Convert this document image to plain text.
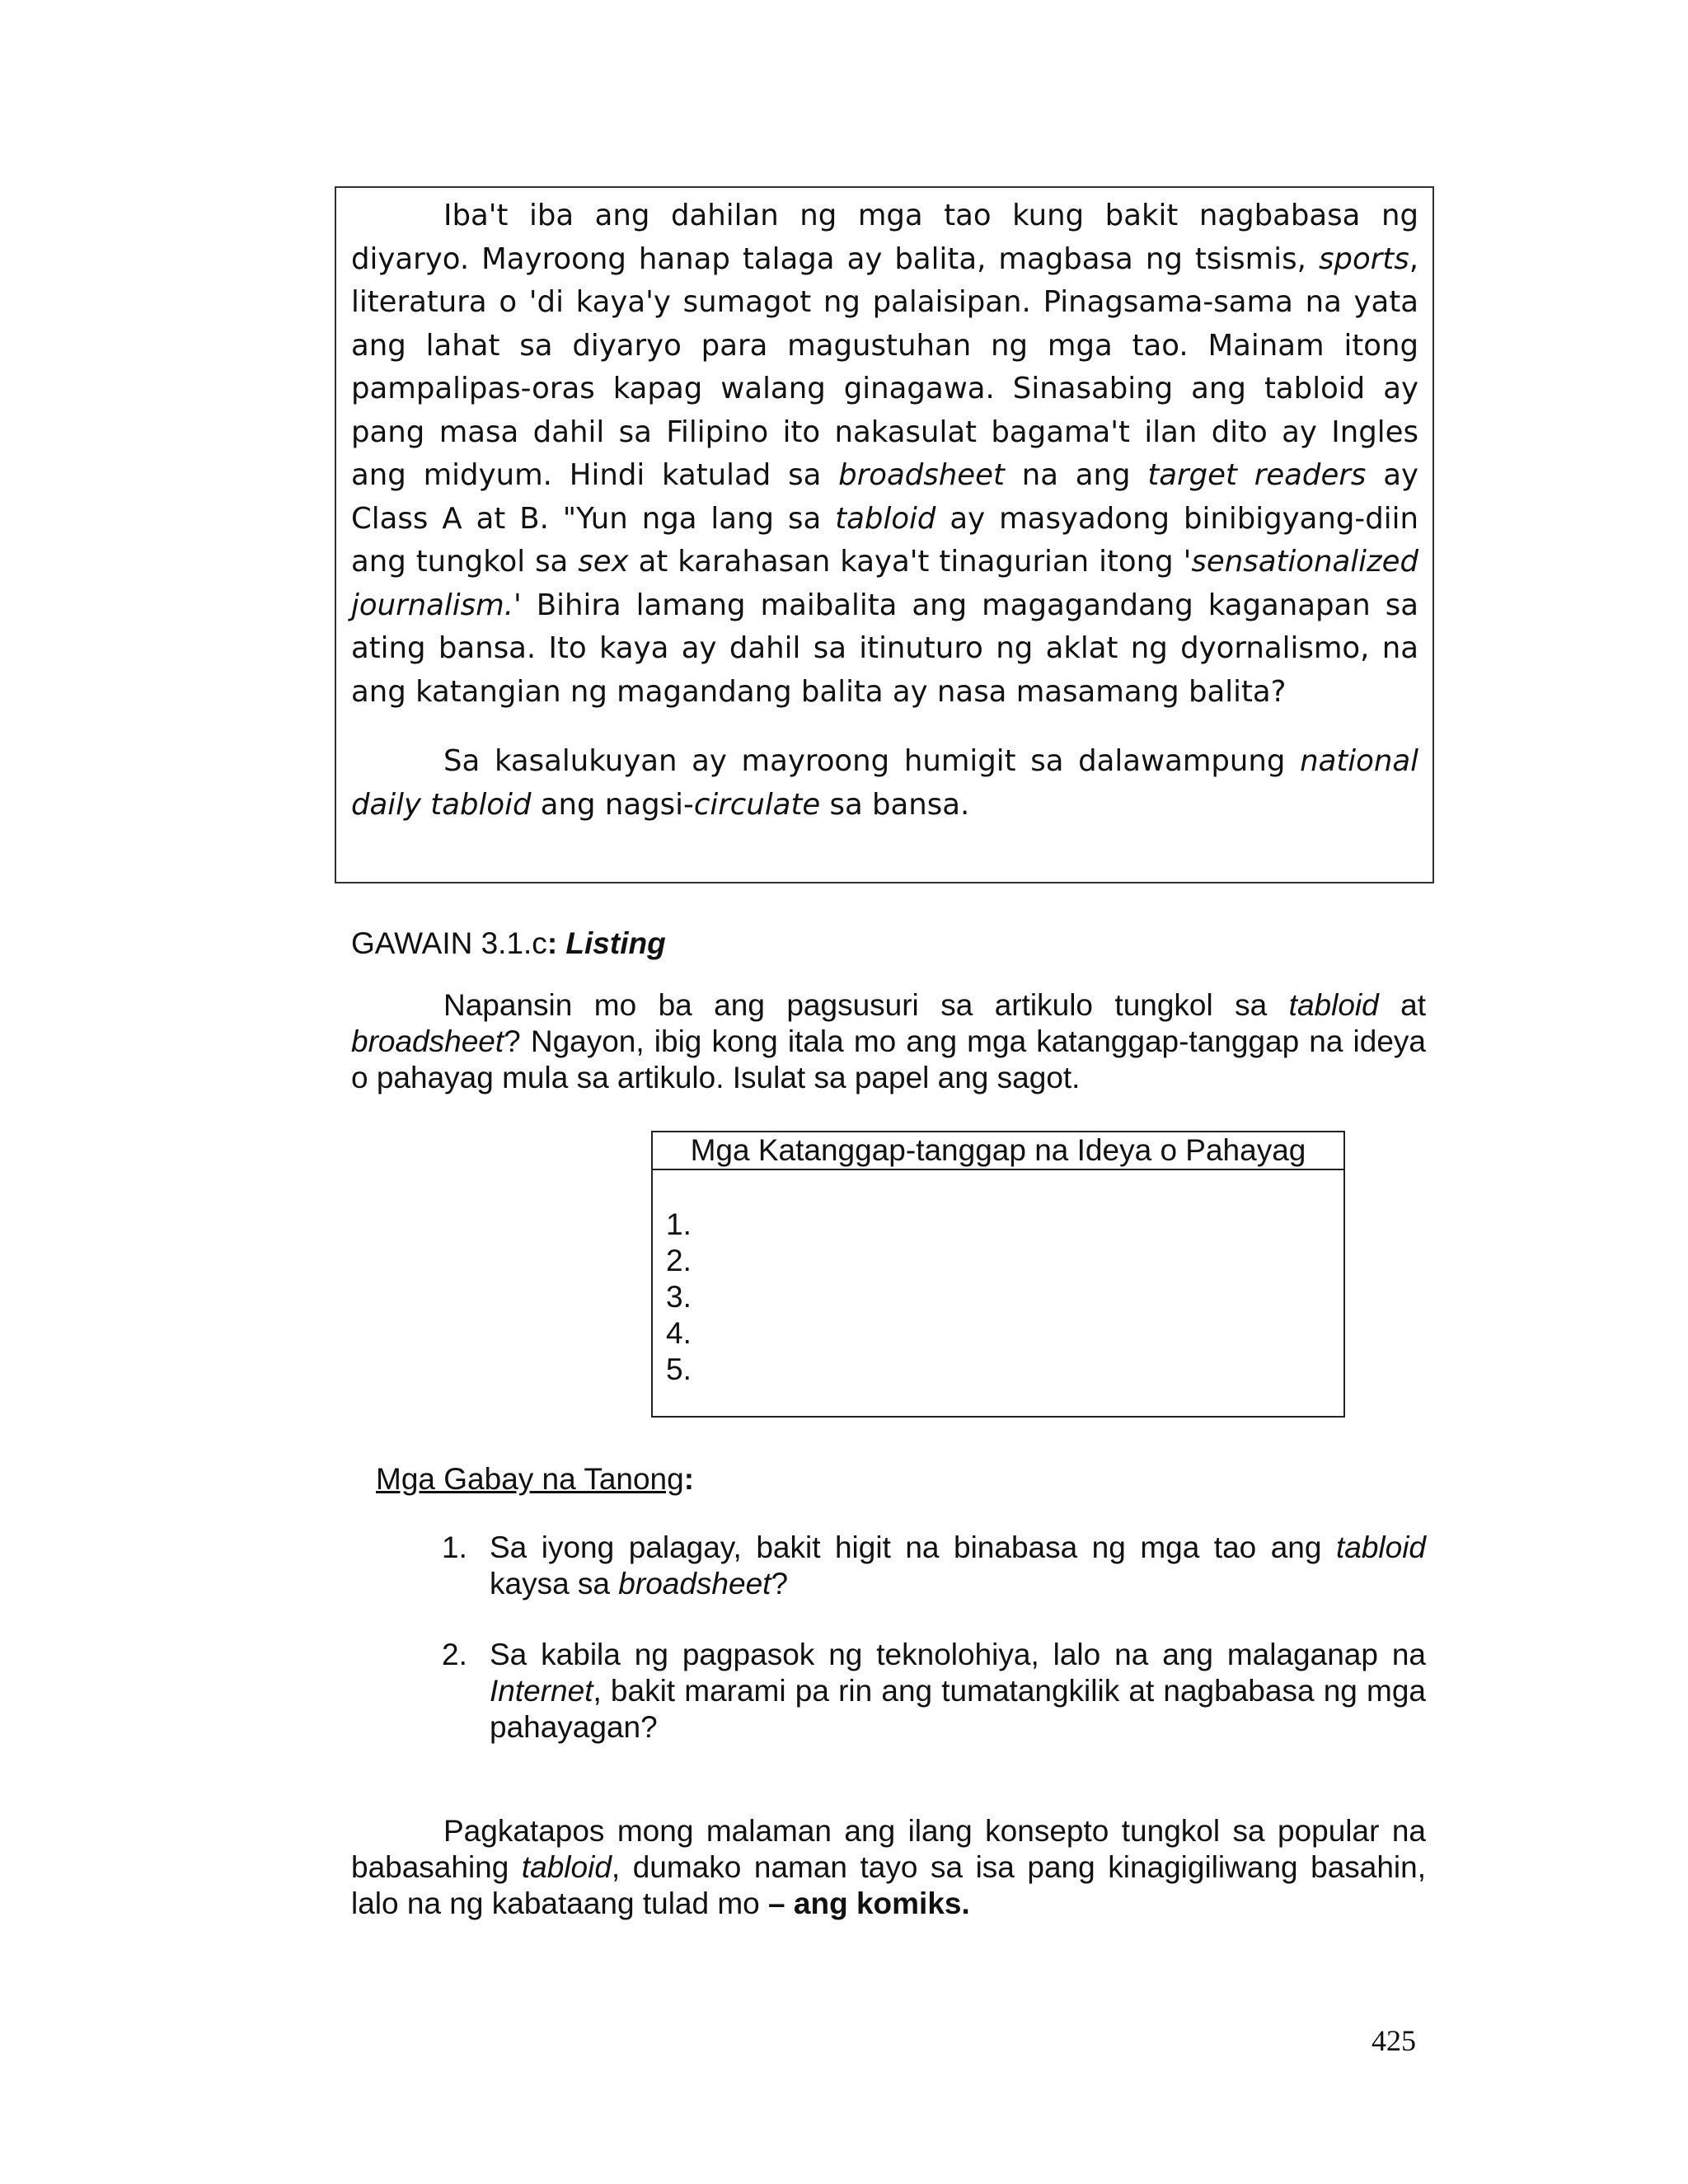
Iba't iba ang dahilan ng mga tao kung bakit nagbabasa ng diyaryo. Mayroong hanap talaga ay balita, magbasa ng tsismis, sports, literatura o 'di kaya'y sumagot ng palaisipan. Pinagsama-sama na yata ang lahat sa diyaryo para magustuhan ng mga tao. Mainam itong pampalipas-oras kapag walang ginagawa. Sinasabing ang tabloid ay pang masa dahil sa Filipino ito nakasulat bagama't ilan dito ay Ingles ang midyum. Hindi katulad sa broadsheet na ang target readers ay Class A at B. "Yun nga lang sa tabloid ay masyadong binibigyang-diin ang tungkol sa sex at karahasan kaya't tinagurian itong 'sensationalized journalism.' Bihira lamang maibalita ang magagandang kaganapan sa ating bansa. Ito kaya ay dahil sa itinuturo ng aklat ng dyornalismo, na ang katangian ng magandang balita ay nasa masamang balita?

Sa kasalukuyan ay mayroong humigit sa dalawampung national daily tabloid ang nagsi-circulate sa bansa.

GAWAIN 3.1.c: Listing

Napansin mo ba ang pagsusuri sa artikulo tungkol sa tabloid at broadsheet? Ngayon, ibig kong itala mo ang mga katanggap-tanggap na ideya o pahayag mula sa artikulo. Isulat sa papel ang sagot.

Mga Katanggap-tanggap na Ideya o Pahayag
1.
2.
3.
4.
5.

Mga Gabay na Tanong:

1. Sa iyong palagay, bakit higit na binabasa ng mga tao ang tabloid kaysa sa broadsheet?
2. Sa kabila ng pagpasok ng teknolohiya, lalo na ang malaganap na Internet, bakit marami pa rin ang tumatangkilik at nagbabasa ng mga pahayagan?

Pagkatapos mong malaman ang ilang konsepto tungkol sa popular na babasahing tabloid, dumako naman tayo sa isa pang kinagigiliwang basahin, lalo na ng kabataang tulad mo – ang komiks.

425
